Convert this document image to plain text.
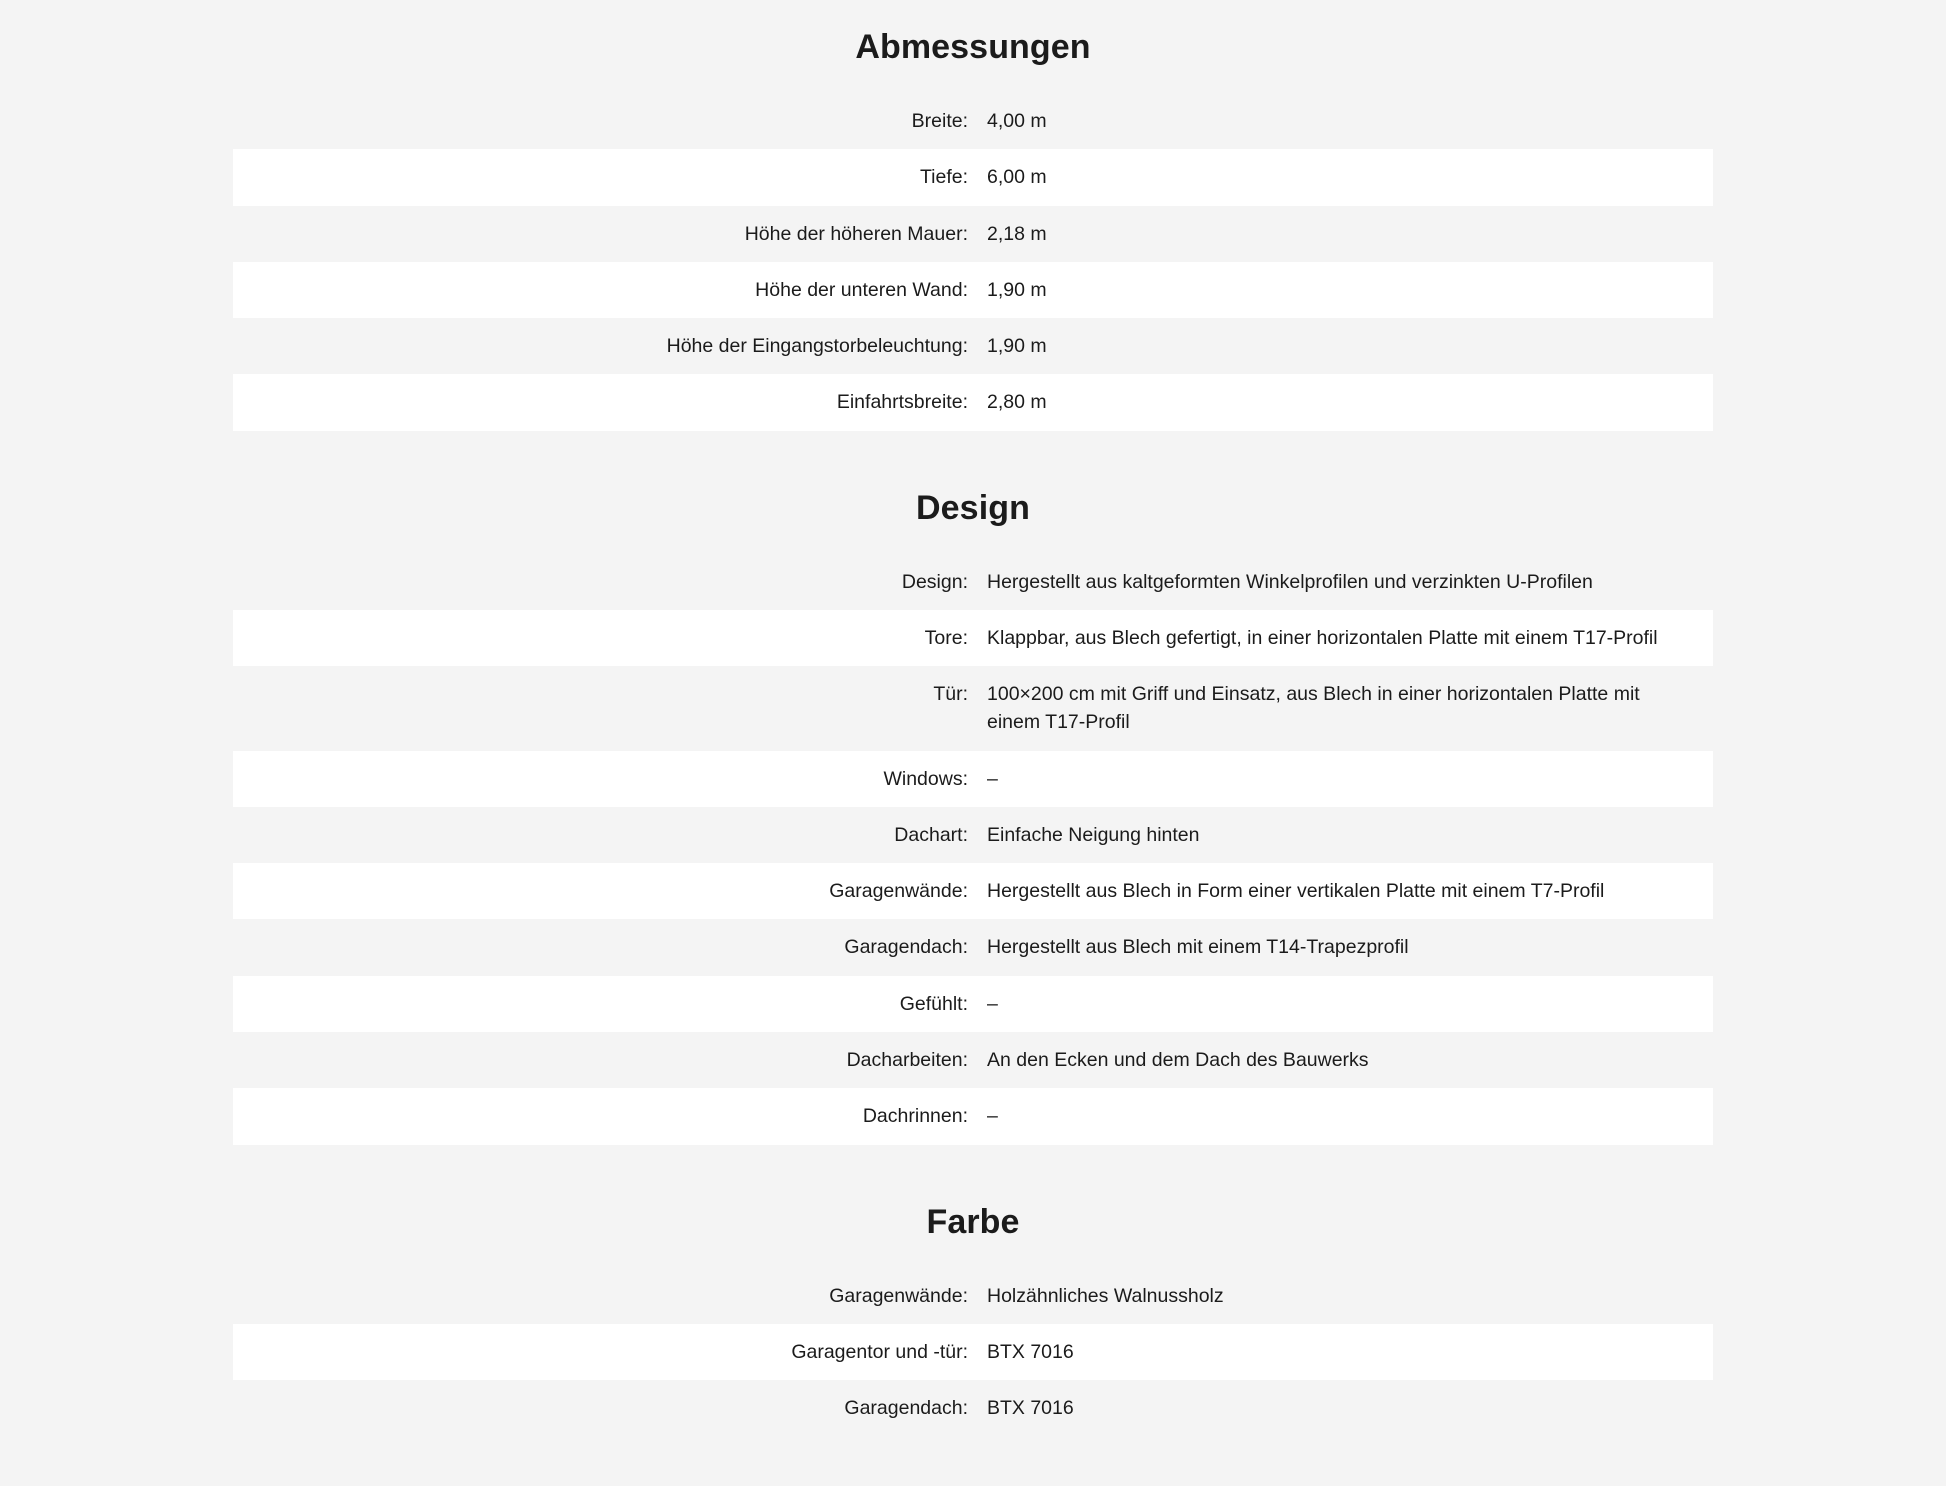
Abmessungen
Breite:	4,00 m

Tiefe:	6,00 m

Höhe der höheren Mauer:	2,18 m

Höhe der unteren Wand:	1,90 m

Höhe der Eingangstorbeleuchtung:	1,90 m

Einfahrtsbreite:	2,80 m
Design
Design:	Hergestellt aus kaltgeformten Winkelprofilen und verzinkten U-Profilen

Tore:	Klappbar, aus Blech gefertigt, in einer horizontalen Platte mit einem T17-Profil

Tür:	100×200 cm mit Griff und Einsatz, aus Blech in einer horizontalen Platte mit einem T17-Profil

Windows:	–

Dachart:	Einfache Neigung hinten

Garagenwände:	Hergestellt aus Blech in Form einer vertikalen Platte mit einem T7-Profil

Garagendach:	Hergestellt aus Blech mit einem T14-Trapezprofil

Gefühlt:	–

Dacharbeiten:	An den Ecken und dem Dach des Bauwerks

Dachrinnen:	–
Farbe
Garagenwände:	Holzähnliches Walnussholz

Garagentor und -tür:	BTX 7016

Garagendach:	BTX 7016
